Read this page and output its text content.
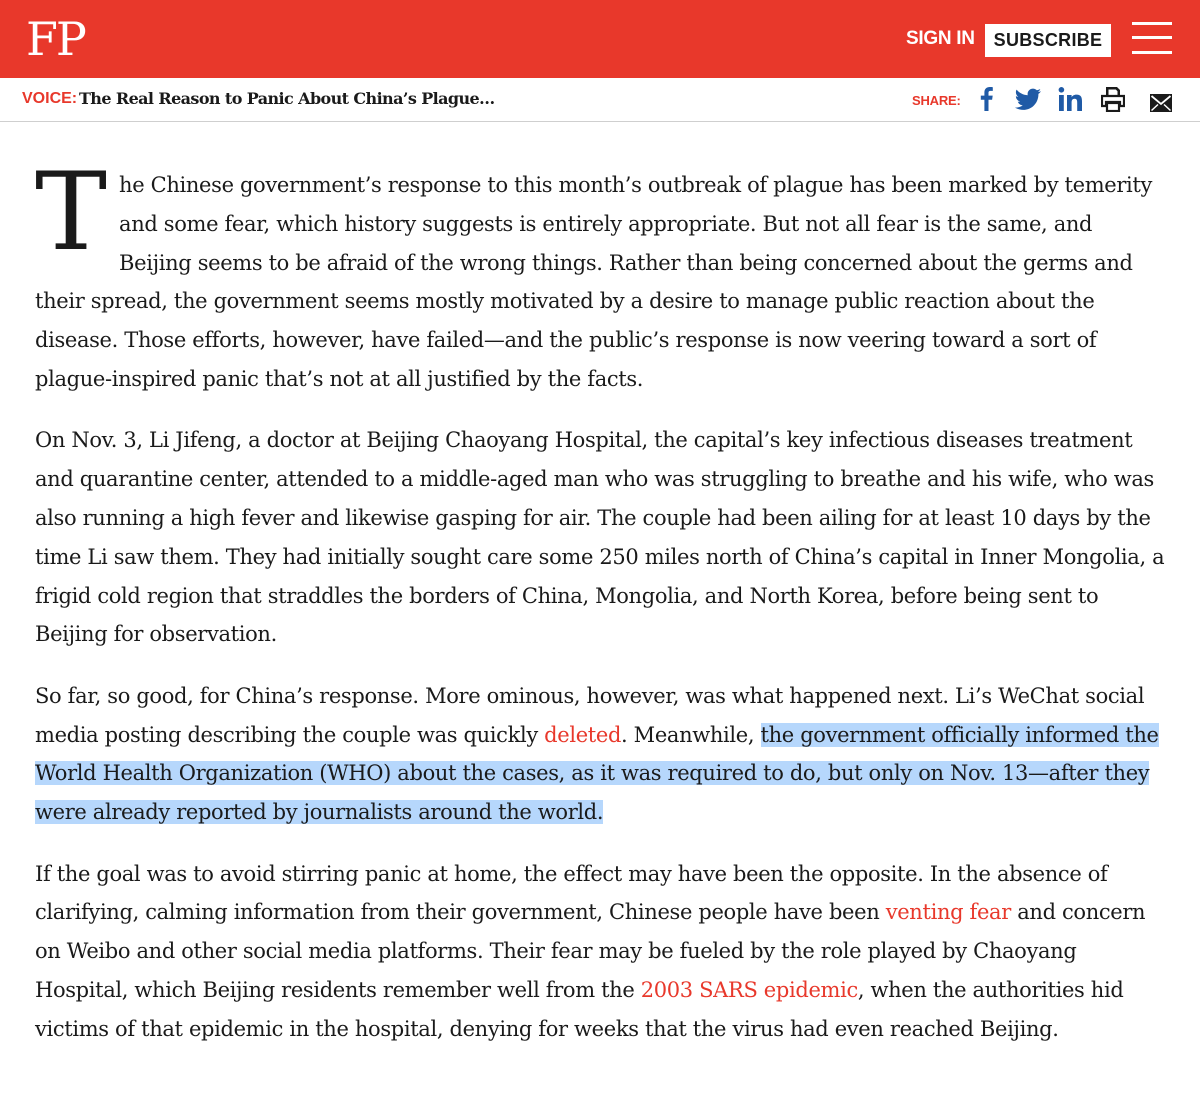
FP	SIGN IN	SUBSCRIBE
VOICE: The Real Reason to Panic About China’s Plague…	SHARE:

The Chinese government’s response to this month’s outbreak of plague has been marked by temerity and some fear, which history suggests is entirely appropriate. But not all fear is the same, and Beijing seems to be afraid of the wrong things. Rather than being concerned about the germs and their spread, the government seems mostly motivated by a desire to manage public reaction about the disease. Those efforts, however, have failed—and the public’s response is now veering toward a sort of plague-inspired panic that’s not at all justified by the facts.

On Nov. 3, Li Jifeng, a doctor at Beijing Chaoyang Hospital, the capital’s key infectious diseases treatment and quarantine center, attended to a middle-aged man who was struggling to breathe and his wife, who was also running a high fever and likewise gasping for air. The couple had been ailing for at least 10 days by the time Li saw them. They had initially sought care some 250 miles north of China’s capital in Inner Mongolia, a frigid cold region that straddles the borders of China, Mongolia, and North Korea, before being sent to Beijing for observation.

So far, so good, for China’s response. More ominous, however, was what happened next. Li’s WeChat social media posting describing the couple was quickly deleted. Meanwhile, the government officially informed the World Health Organization (WHO) about the cases, as it was required to do, but only on Nov. 13—after they were already reported by journalists around the world.

If the goal was to avoid stirring panic at home, the effect may have been the opposite. In the absence of clarifying, calming information from their government, Chinese people have been venting fear and concern on Weibo and other social media platforms. Their fear may be fueled by the role played by Chaoyang Hospital, which Beijing residents remember well from the 2003 SARS epidemic, when the authorities hid victims of that epidemic in the hospital, denying for weeks that the virus had even reached Beijing.
